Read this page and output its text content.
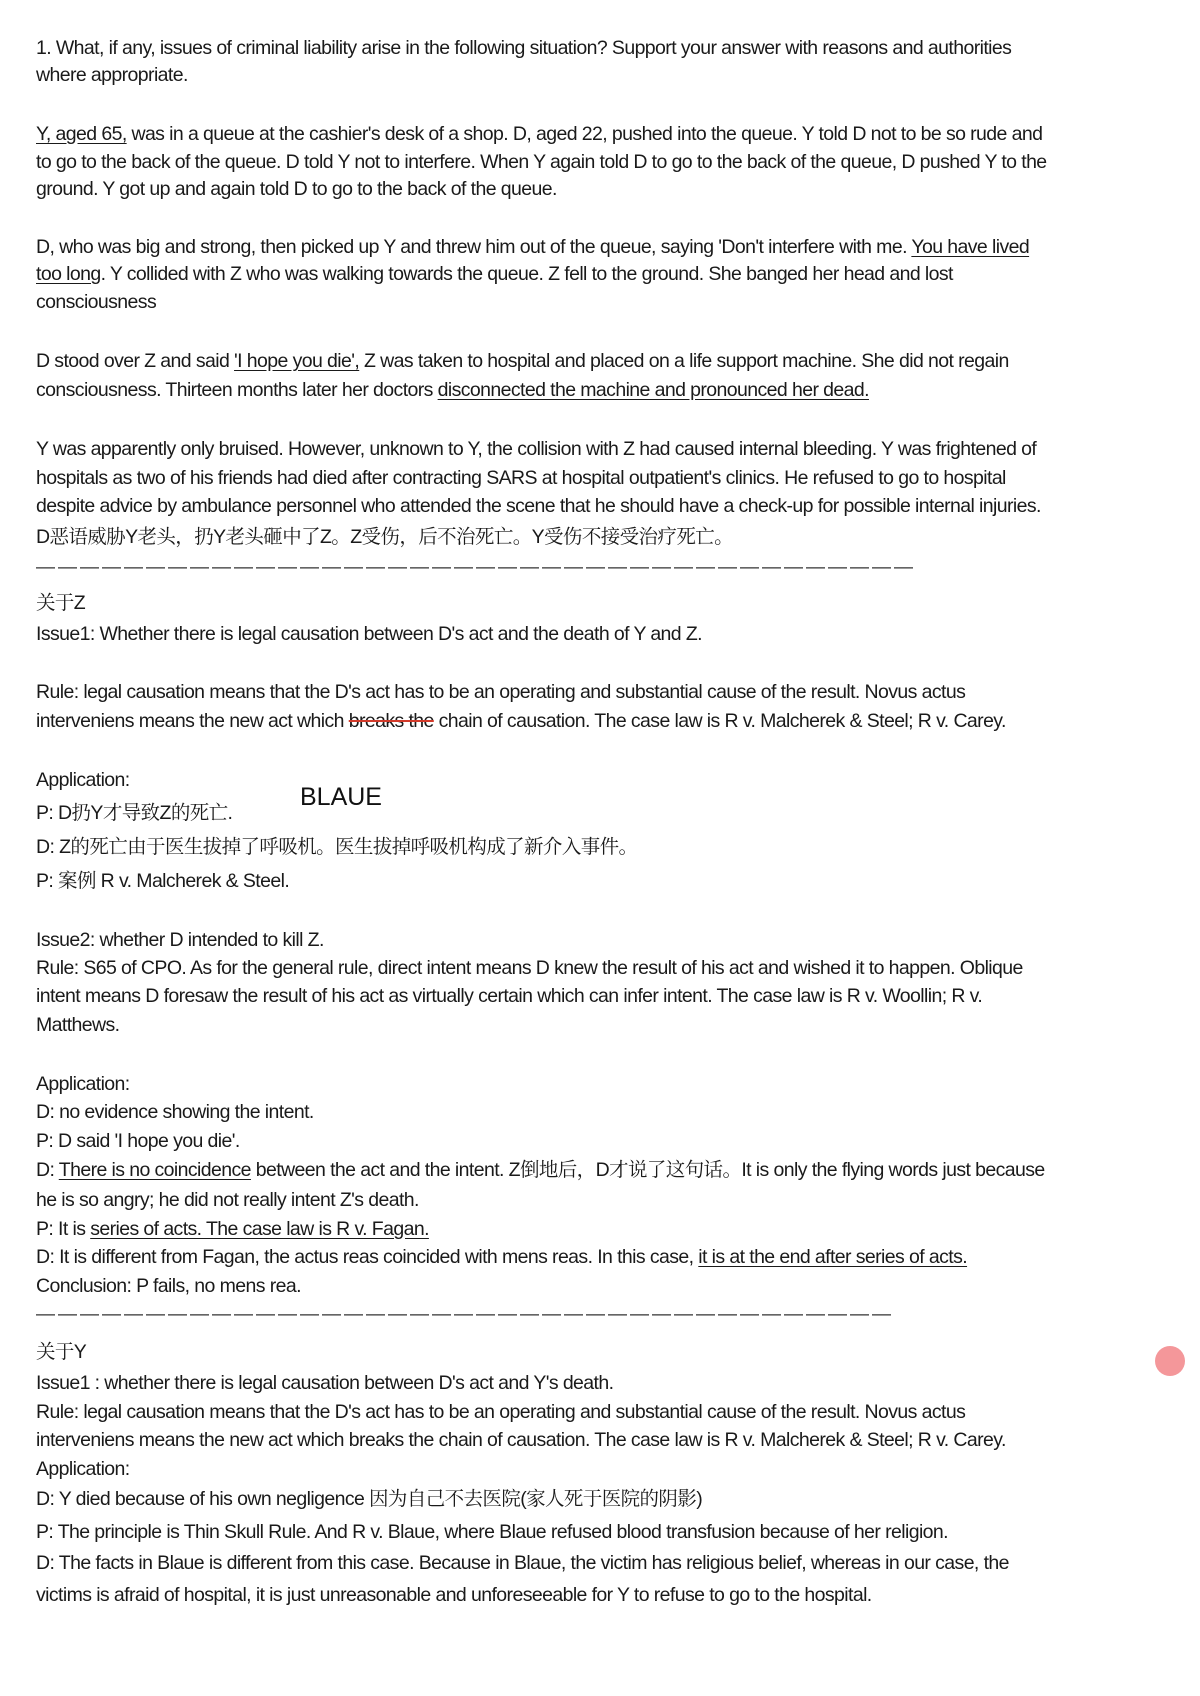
1. What, if any, issues of criminal liability arise in the following situation? Support your answer with reasons and authorities
where appropriate.
Y, aged 65, was in a queue at the cashier's desk of a shop. D, aged 22, pushed into the queue. Y told D not to be so rude and
to go to the back of the queue. D told Y not to interfere. When Y again told D to go to the back of the queue, D pushed Y to the
ground. Y got up and again told D to go to the back of the queue.
D, who was big and strong, then picked up Y and threw him out of the queue, saying 'Don't interfere with me. You have lived
too long. Y collided with Z who was walking towards the queue. Z fell to the ground. She banged her head and lost
consciousness
D stood over Z and said 'I hope you die', Z was taken to hospital and placed on a life support machine. She did not regain
consciousness. Thirteen months later her doctors disconnected the machine and pronounced her dead.
Y was apparently only bruised. However, unknown to Y, the collision with Z had caused internal bleeding. Y was frightened of
hospitals as two of his friends had died after contracting SARS at hospital outpatient's clinics. He refused to go to hospital
despite advice by ambulance personnel who attended the scene that he should have a check-up for possible internal injuries.
D恶语威胁Y老头，扔Y老头砸中了Z。Z受伤，后不治死亡。Y受伤不接受治疗死亡。
————————————————————————————————————————
关于Z
Issue1: Whether there is legal causation between D's act and the death of Y and Z.
Rule: legal causation means that the D's act has to be an operating and substantial cause of the result. Novus actus
interveniens means the new act which breaks the chain of causation. The case law is R v. Malcherek & Steel; R v. Carey.
Application:
BLAUE
P: D扔Y才导致Z的死亡.
D: Z的死亡由于医生拔掉了呼吸机。医生拔掉呼吸机构成了新介入事件。
P: 案例 R v. Malcherek & Steel.
Issue2: whether D intended to kill Z.
Rule: S65 of CPO. As for the general rule, direct intent means D knew the result of his act and wished it to happen. Oblique
intent means D foresaw the result of his act as virtually certain which can infer intent. The case law is R v. Woollin; R v.
Matthews.
Application:
D: no evidence showing the intent.
P: D said 'I hope you die'.
D: There is no coincidence between the act and the intent. Z倒地后，D才说了这句话。It is only the flying words just because
he is so angry; he did not really intent Z's death.
P: It is series of acts. The case law is R v. Fagan.
D: It is different from Fagan, the actus reas coincided with mens reas. In this case, it is at the end after series of acts.
Conclusion: P fails, no mens rea.
———————————————————————————————————————
关于Y
Issue1 : whether there is legal causation between D's act and Y's death.
Rule: legal causation means that the D's act has to be an operating and substantial cause of the result. Novus actus
interveniens means the new act which breaks the chain of causation. The case law is R v. Malcherek & Steel; R v. Carey.
Application:
D: Y died because of his own negligence 因为自己不去医院(家人死于医院的阴影)
P: The principle is Thin Skull Rule. And R v. Blaue, where Blaue refused blood transfusion because of her religion.
D: The facts in Blaue is different from this case. Because in Blaue, the victim has religious belief, whereas in our case, the
victims is afraid of hospital, it is just unreasonable and unforeseeable for Y to refuse to go to the hospital.
